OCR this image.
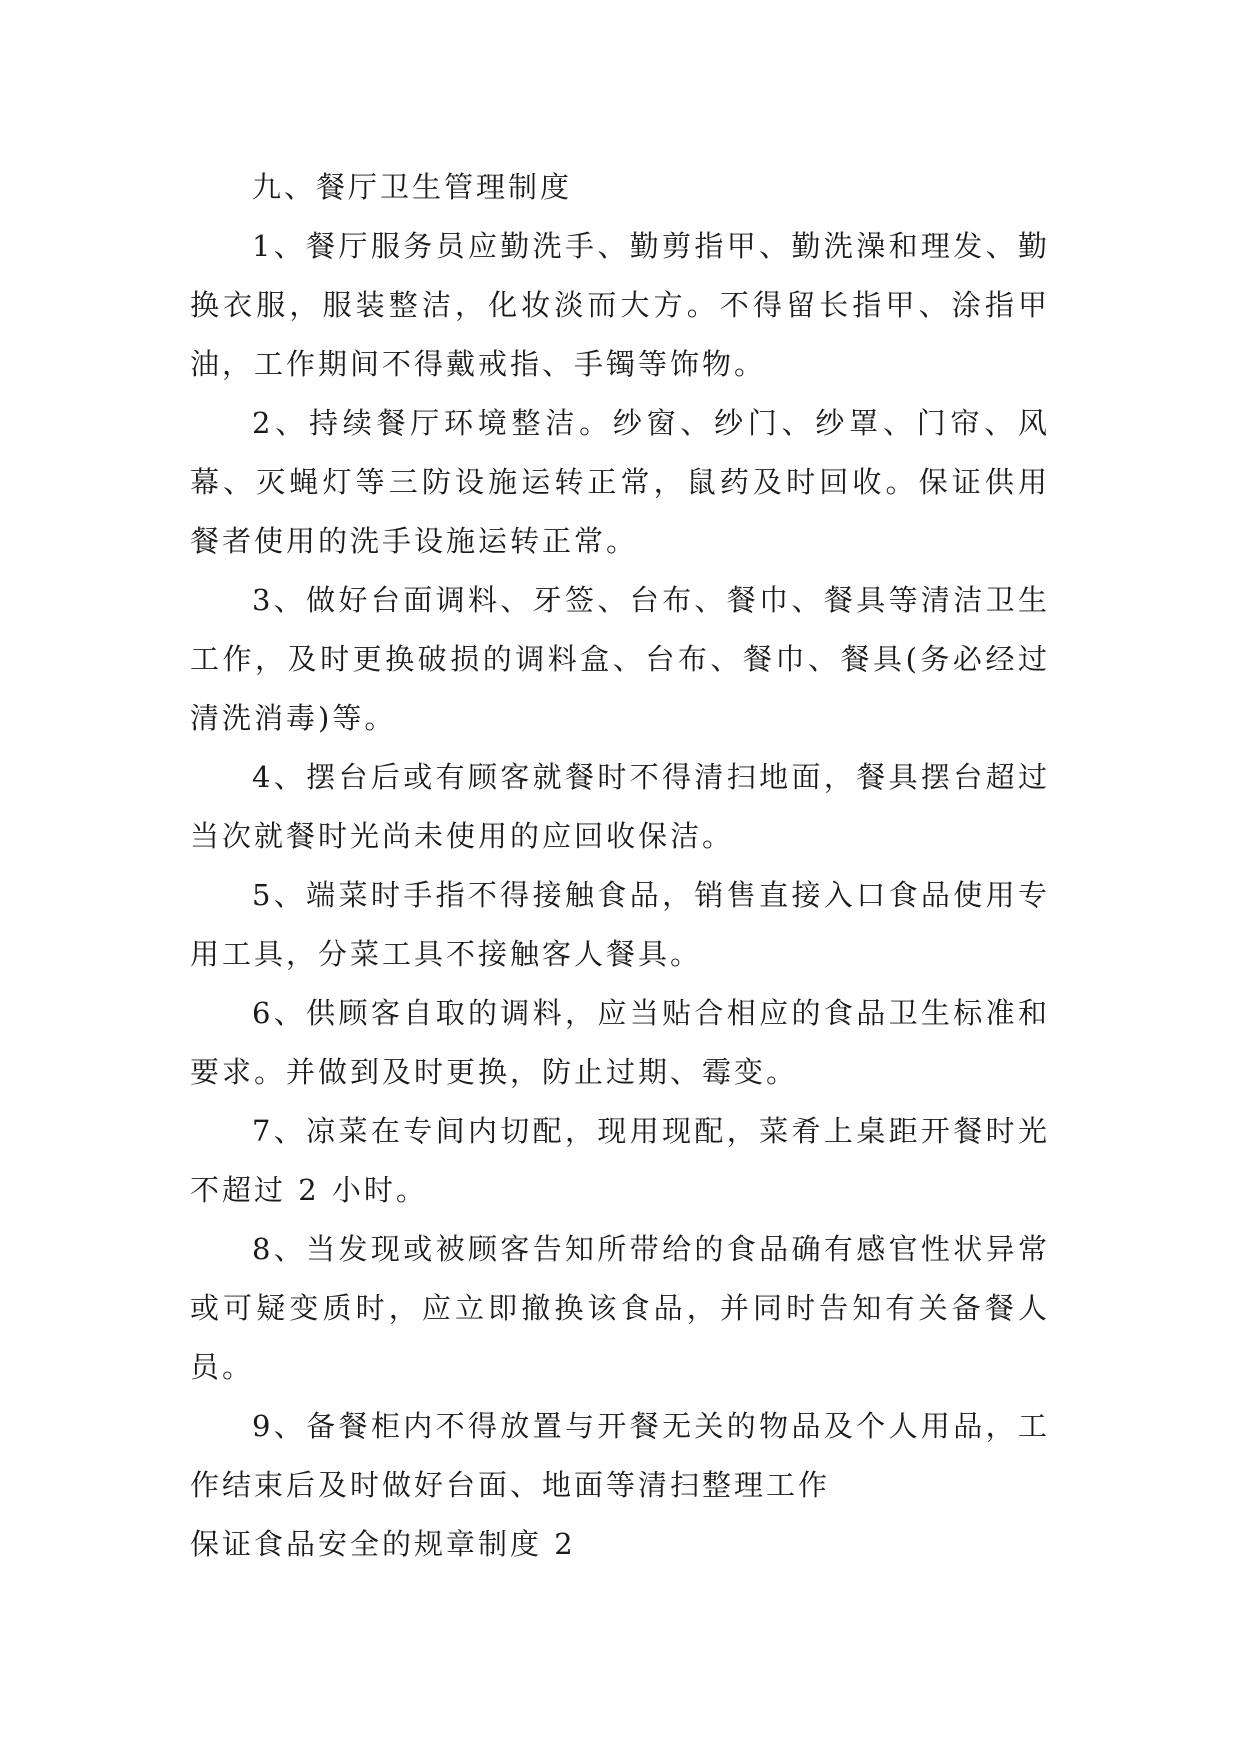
九、餐厅卫生管理制度

1、餐厅服务员应勤洗手、勤剪指甲、勤洗澡和理发、勤换衣服，服装整洁，化妆淡而大方。不得留长指甲、涂指甲油，工作期间不得戴戒指、手镯等饰物。

2、持续餐厅环境整洁。纱窗、纱门、纱罩、门帘、风幕、灭蝇灯等三防设施运转正常，鼠药及时回收。保证供用餐者使用的洗手设施运转正常。

3、做好台面调料、牙签、台布、餐巾、餐具等清洁卫生工作，及时更换破损的调料盒、台布、餐巾、餐具(务必经过清洗消毒)等。

4、摆台后或有顾客就餐时不得清扫地面，餐具摆台超过当次就餐时光尚未使用的应回收保洁。

5、端菜时手指不得接触食品，销售直接入口食品使用专用工具，分菜工具不接触客人餐具。

6、供顾客自取的调料，应当贴合相应的食品卫生标准和要求。并做到及时更换，防止过期、霉变。

7、凉菜在专间内切配，现用现配，菜肴上桌距开餐时光不超过 2 小时。

8、当发现或被顾客告知所带给的食品确有感官性状异常或可疑变质时，应立即撤换该食品，并同时告知有关备餐人员。

9、备餐柜内不得放置与开餐无关的物品及个人用品，工作结束后及时做好台面、地面等清扫整理工作

保证食品安全的规章制度 2
